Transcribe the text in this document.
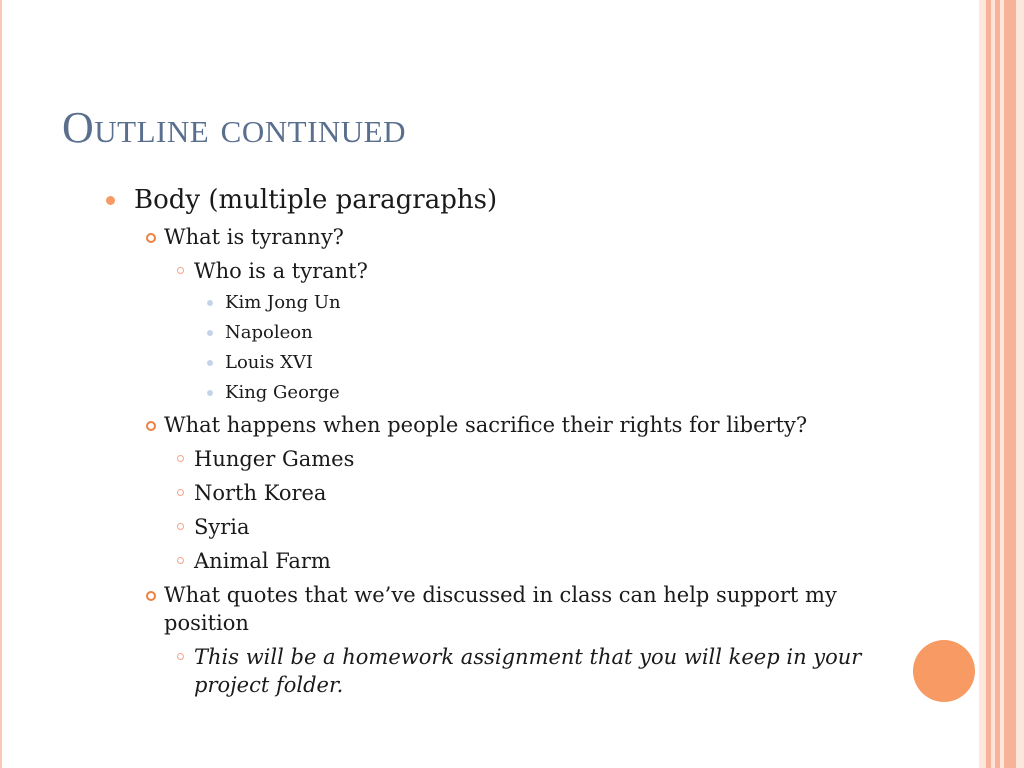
Outline continued
Body (multiple paragraphs)
What is tyranny?
Who is a tyrant?
Kim Jong Un
Napoleon
Louis XVI
King George
What happens when people sacrifice their rights for liberty?
Hunger Games
North Korea
Syria
Animal Farm
What quotes that we’ve discussed in class can help support my position
This will be a homework assignment that you will keep in your project folder.
